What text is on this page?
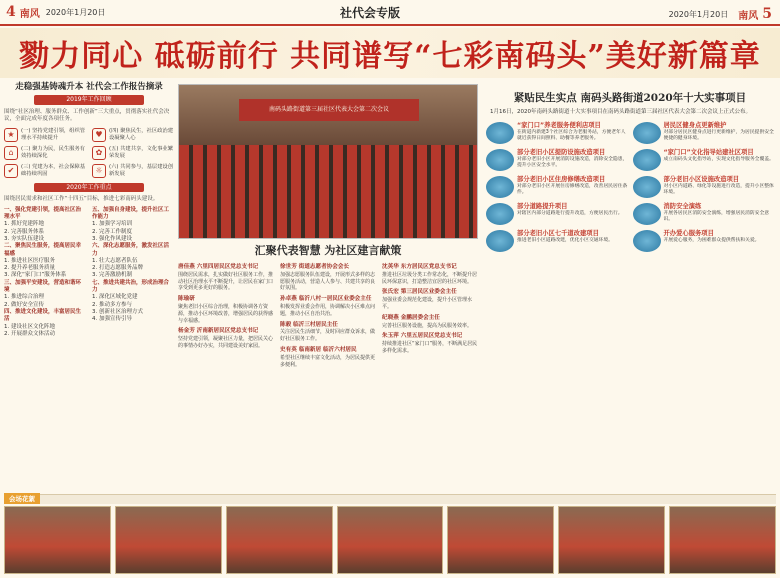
4 南风 2020年1月20日	社代会专版	2020年1月20日 南风 5
勠力同心 砥砺前行 共同谱写“七彩南码头”美好新篇章
走稳强基铸魂升本 社代会工作报告摘录
2019年工作回顾
围绕“社区治理、服务群众、工作创新”三大重点，贯彻落实社代会决议，全面完成年度各项任务。
★	(一) 坚持党建引领，组织管理水平持续提升	♥	(四) 聚焦民生，社区政治建设凝聚人心
⌂	(二) 聚力为民，民生服务有效持续深化	✿	(五) 共建共享，文化事业繁荣发展
✔	(三) 党建为本，社会保障基础持续巩固	☼	(六) 共同参与，基层建设创新发展
2020年工作重点
围绕居民需求和社区工作“十四五”目标，推进七彩南码头建设。
一、强化党建引领，提高社区治理水平
1. 抓好党建阵地
2. 完善服务体系
3. 夯实队伍建设
二、聚焦民生服务，提高居民幸福感
1. 推进社区医疗服务
2. 提升养老服务质量
3. 深化“家门口”服务体系
三、加强平安建设，营造和谐环境
1. 推进综合治理
2. 做好安全宣传
四、推进文化建设，丰富居民生活
1. 建设社区文化阵地
2. 开展群众文体活动
五、加强自身建设，提升社区工作能力
1. 加强学习培训
2. 完善工作制度
3. 强化作风建设
六、深化志愿服务，激发社区活力
1. 壮大志愿者队伍
2. 打造志愿服务品牌
3. 完善激励机制
七、推进共建共治，形成治理合力
1. 深化区域化党建
2. 推动多方参与
3. 创新社区治理方式
4. 加强宣传引导
南码头路街道第三届社区代表大会第二次会议
汇聚代表智慧 为社区建言献策
唐佳燕 六里四居民区党总支书记
围绕居民需求，扎实做好社区服务工作，推动社区治理水平不断提升，让居民在家门口享受到更多更好的服务。
陈瑜研
聚焦老旧小区综合治理，积极协调各方资源，推动小区环境改善，增强居民的获得感与幸福感。
杨金芳 沂南新居民区党总支书记
坚持党建引领，凝聚社区力量，把居民关心的事情办好办实，共同建设美好家园。
徐世芳 街道志愿者协会会长
加强志愿服务队伍建设，开展形式多样的志愿服务活动，营造人人参与、共建共享的良好氛围。
孙卓燕 临沂八村一居民区业委会主任
积极发挥业委会作用，协调解决小区难点问题，推动小区自治共治。
陈毅 临沂三村居民主任
关注居民生活细节，及时回应群众诉求，做好社区服务工作。
史有英 临南新居 临沂六村居民
希望社区继续丰富文化活动，为居民提供更多便利。
沈英华 东方居民区党总支书记
推进社区垃圾分类工作常态化，不断提升居民环保意识，打造整洁宜居的社区环境。
张氏宏 第三居民区业委会主任
加强业委会规范化建设，提升小区管理水平。
纪晓燕 金鹏居委会主任
完善社区服务设施，提高为民服务效率。
朱玉萍 六里五居民区党总支书记
持续推进社区“家门口”服务，不断满足居民多样化需求。
紧贴民生实点 南码头路街道2020年十大实事项目
1月16日，2020年南码头路街道十大实事项目在南码头路街道第三届社区代表大会第二次会议上正式公布。
“家门口”养老服务便利店项目
在街道内新建3个社区综合为老服务站，方便老年人就近获得日间照料、助餐等养老服务。
居民区健身点更新维护
对部分居民区健身点进行更新维护，为居民提供安全便捷的健身环境。
部分老旧小区提防设施改造项目
对部分老旧小区开展消防设施改造，消除安全隐患，提升小区安全水平。
“家门口”文化指导站建社区项目
成立南码头文化指导站，实现文化指导服务全覆盖。
部分老旧小区住房修缮改造项目
对部分老旧小区开展住房修缮改造，改善居民居住条件。
部分老旧小区设施改造项目
对小区内道路、绿化等设施进行改造，提升小区整体环境。
部分道路提升项目
对辖区内部分道路进行提升改造，方便居民出行。
消防安全演练
开展各居民区消防安全演练，增强居民消防安全意识。
部分老旧小区七千道改建项目
推进老旧小区道路改建，优化小区交通环境。
开办爱心服务项目
开展爱心服务，为困难群众提供帮扶和关爱。
会场花絮
